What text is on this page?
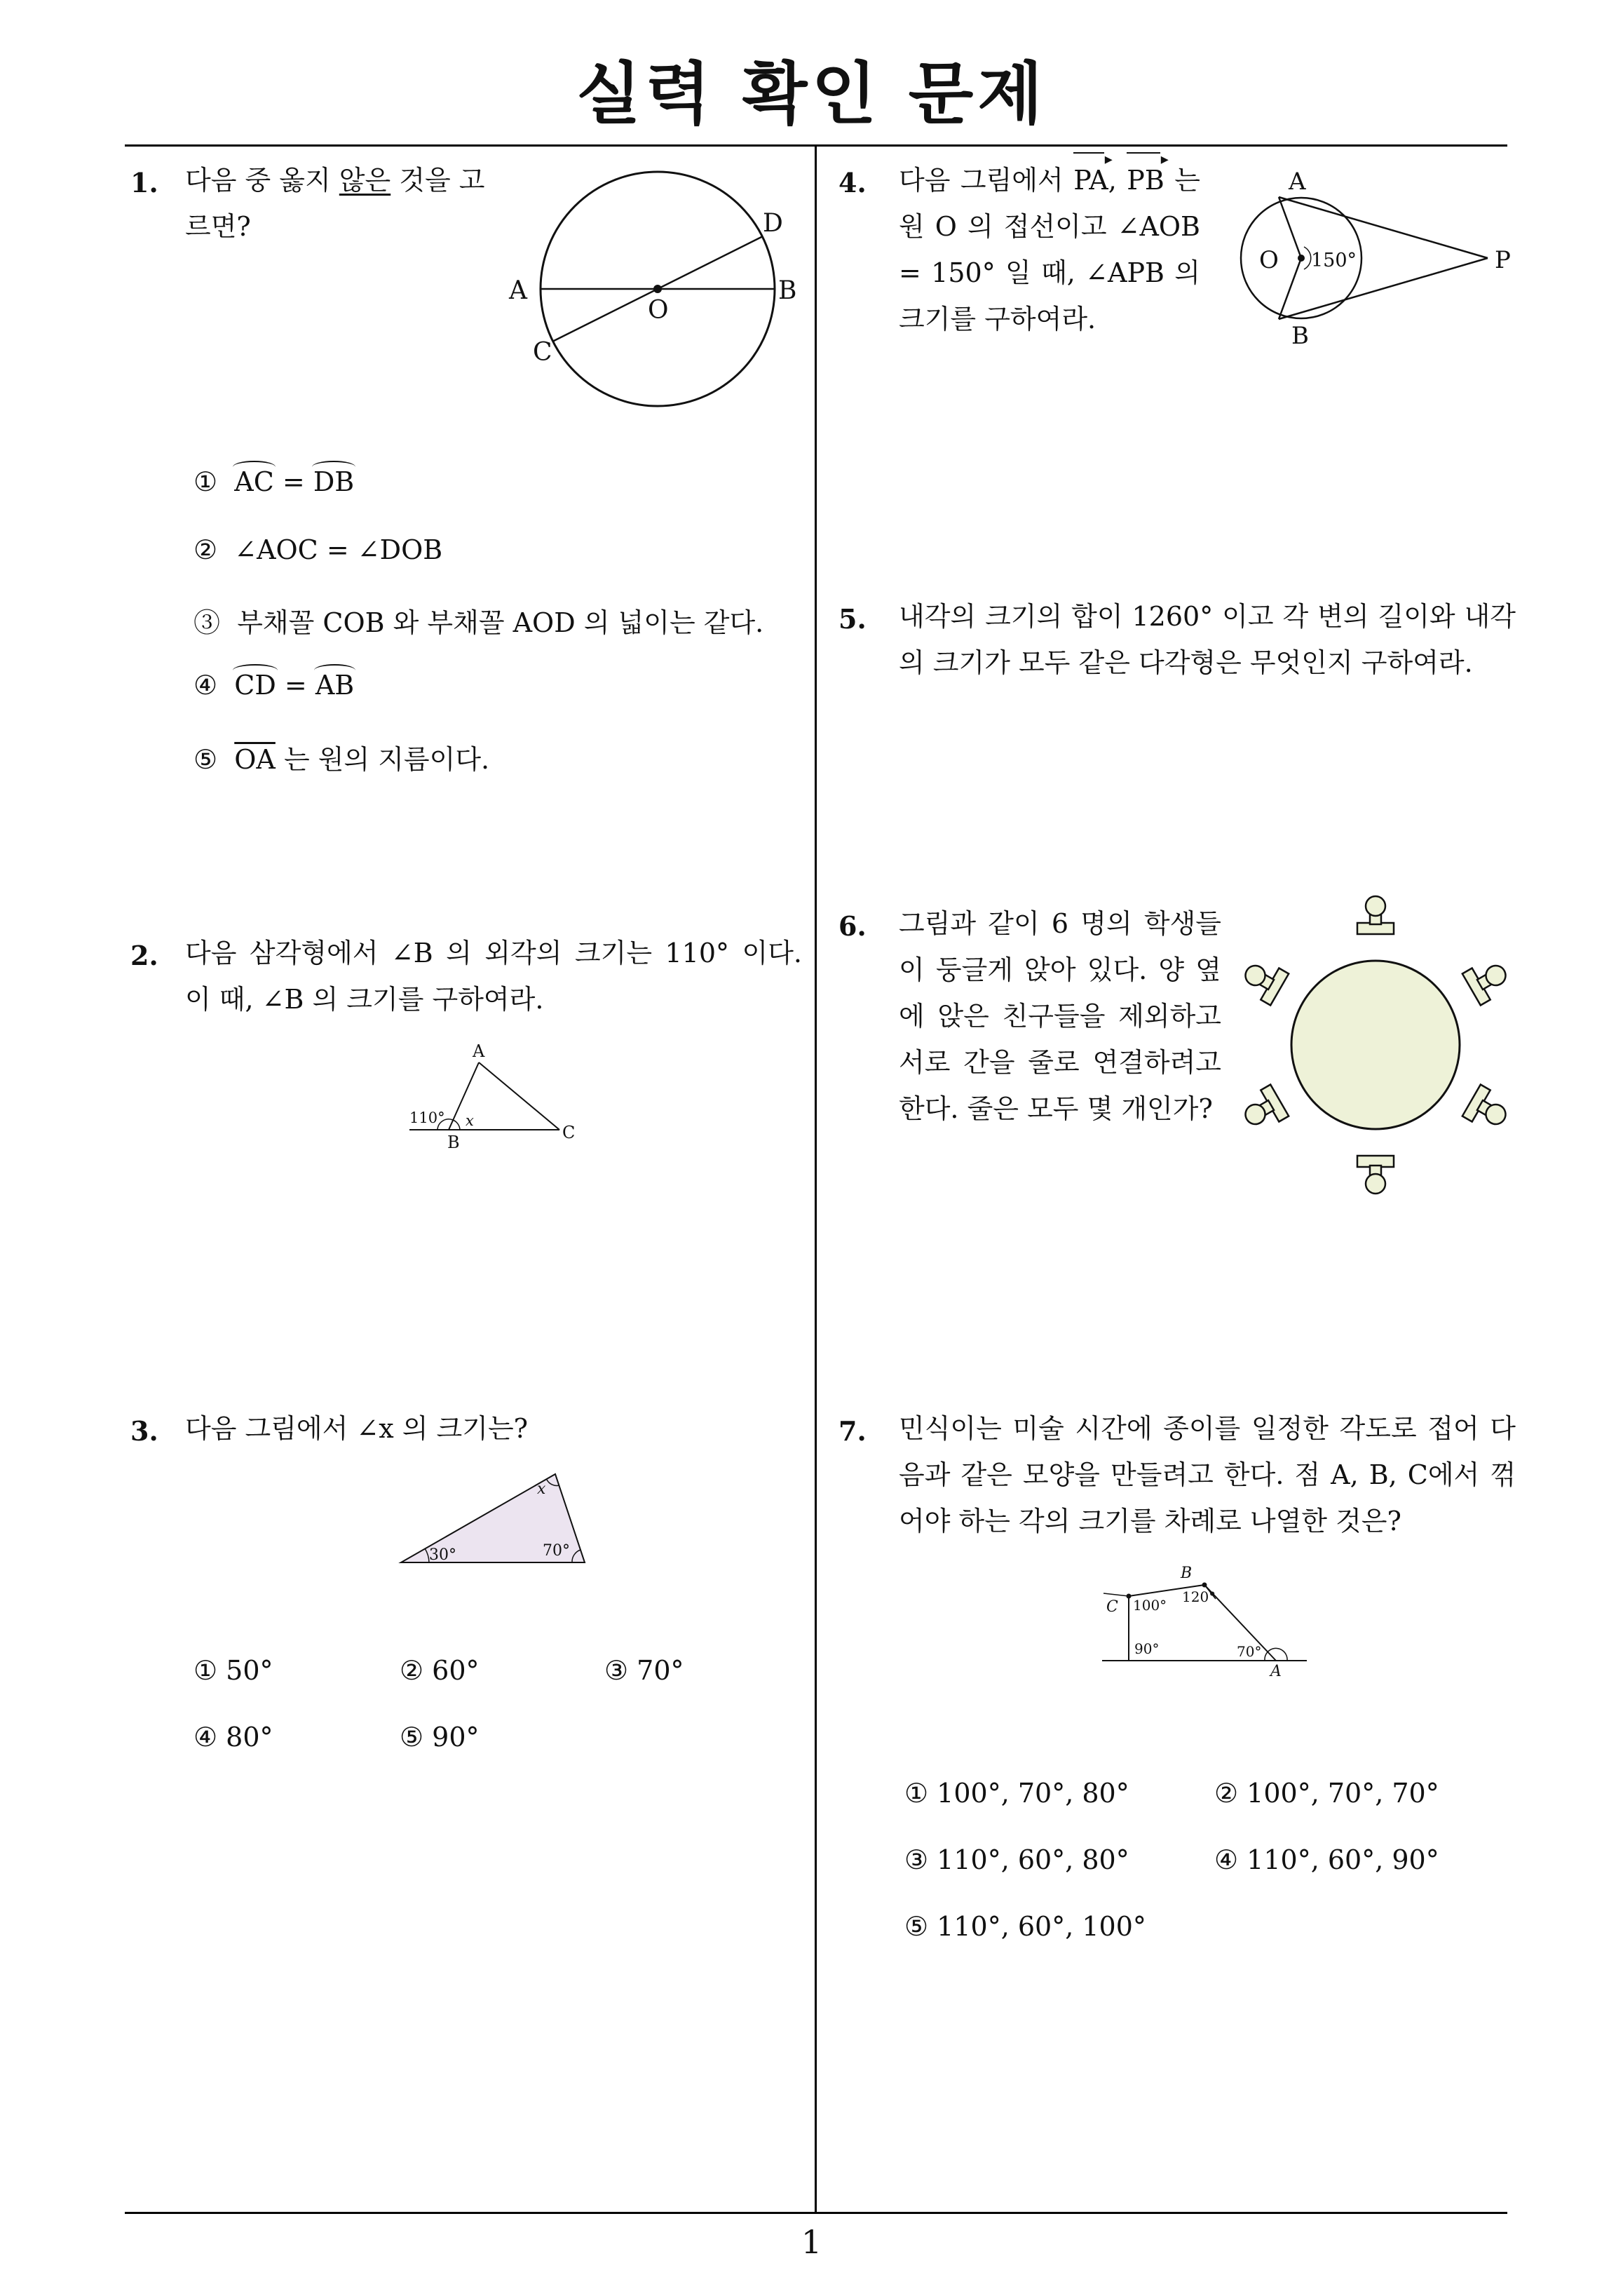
실력 확인 문제
1
1. 다음 중 옳지 않은 것을 고르면?
A	B
C
D
O
① AC = DB
② ∠AOC = ∠DOB
③ 부채꼴 COB 와 부채꼴 AOD 의 넓이는 같다.
④ CD = AB
⑤ $\overline{OA}$ 는 원의 지름이다.
2. 다음 삼각형에서 ∠B 의 외각의 크기는 110° 이다. 이 때, ∠B 의 크기를 구하여라.
A
B	C
110° x
3. 다음 그림에서 ∠x 의 크기는?
30°	70°
x
① 50°	② 60°	③ 70°
④ 80°	⑤ 90°
4. 다음 그림에서 PA ▸, PB ▸ 는 원 O 의 접선이고 ∠AOB = 150° 일 때, ∠APB 의 크기를 구하여라.
A
B
O	P
150°
5. 내각의 크기의 합이 1260° 이고 각 변의 길이와 내각의 크기가 모두 같은 다각형은 무엇인지 구하여라.
6. 그림과 같이 6 명의 학생들이 둥글게 앉아 있다. 양 옆에 앉은 친구들을 제외하고 서로 간을 줄로 연결하려고 한다. 줄은 모두 몇 개인가?
7. 민식이는 미술 시간에 종이를 일정한 각도로 접어 다음과 같은 모양을 만들려고 한다. 점 A, B, C에서 꺾어야 하는 각의 크기를 차례로 나열한 것은?
A
B
C 100° 120°
90°	70°
① 100°, 70°, 80°	② 100°, 70°, 70°
③ 110°, 60°, 80°	④ 110°, 60°, 90°
⑤ 110°, 60°, 100°
